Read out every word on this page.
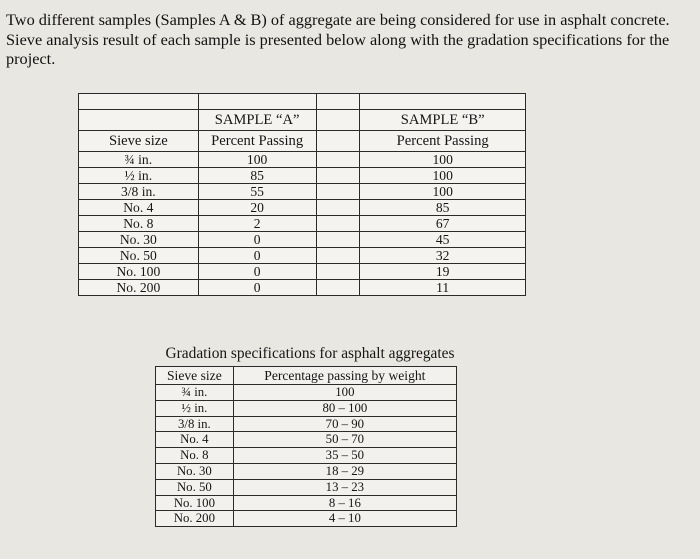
Two different samples (Samples A & B) of aggregate are being considered for use in asphalt concrete. Sieve analysis result of each sample is presented below along with the gradation specifications for the project.

	SAMPLE “A”		SAMPLE “B”
Sieve size	Percent Passing		Percent Passing
¾ in.	100		100
½ in.	85		100
3/8 in.	55		100
No. 4	20		85
No. 8	2		67
No. 30	0		45
No. 50	0		32
No. 100	0		19
No. 200	0		11
Gradation specifications for asphalt aggregates
Sieve size	Percentage passing by weight
¾ in.	100
½ in.	80 – 100
3/8 in.	70 – 90
No. 4	50 – 70
No. 8	35 – 50
No. 30	18 – 29
No. 50	13 – 23
No. 100	8 – 16
No. 200	4 – 10
